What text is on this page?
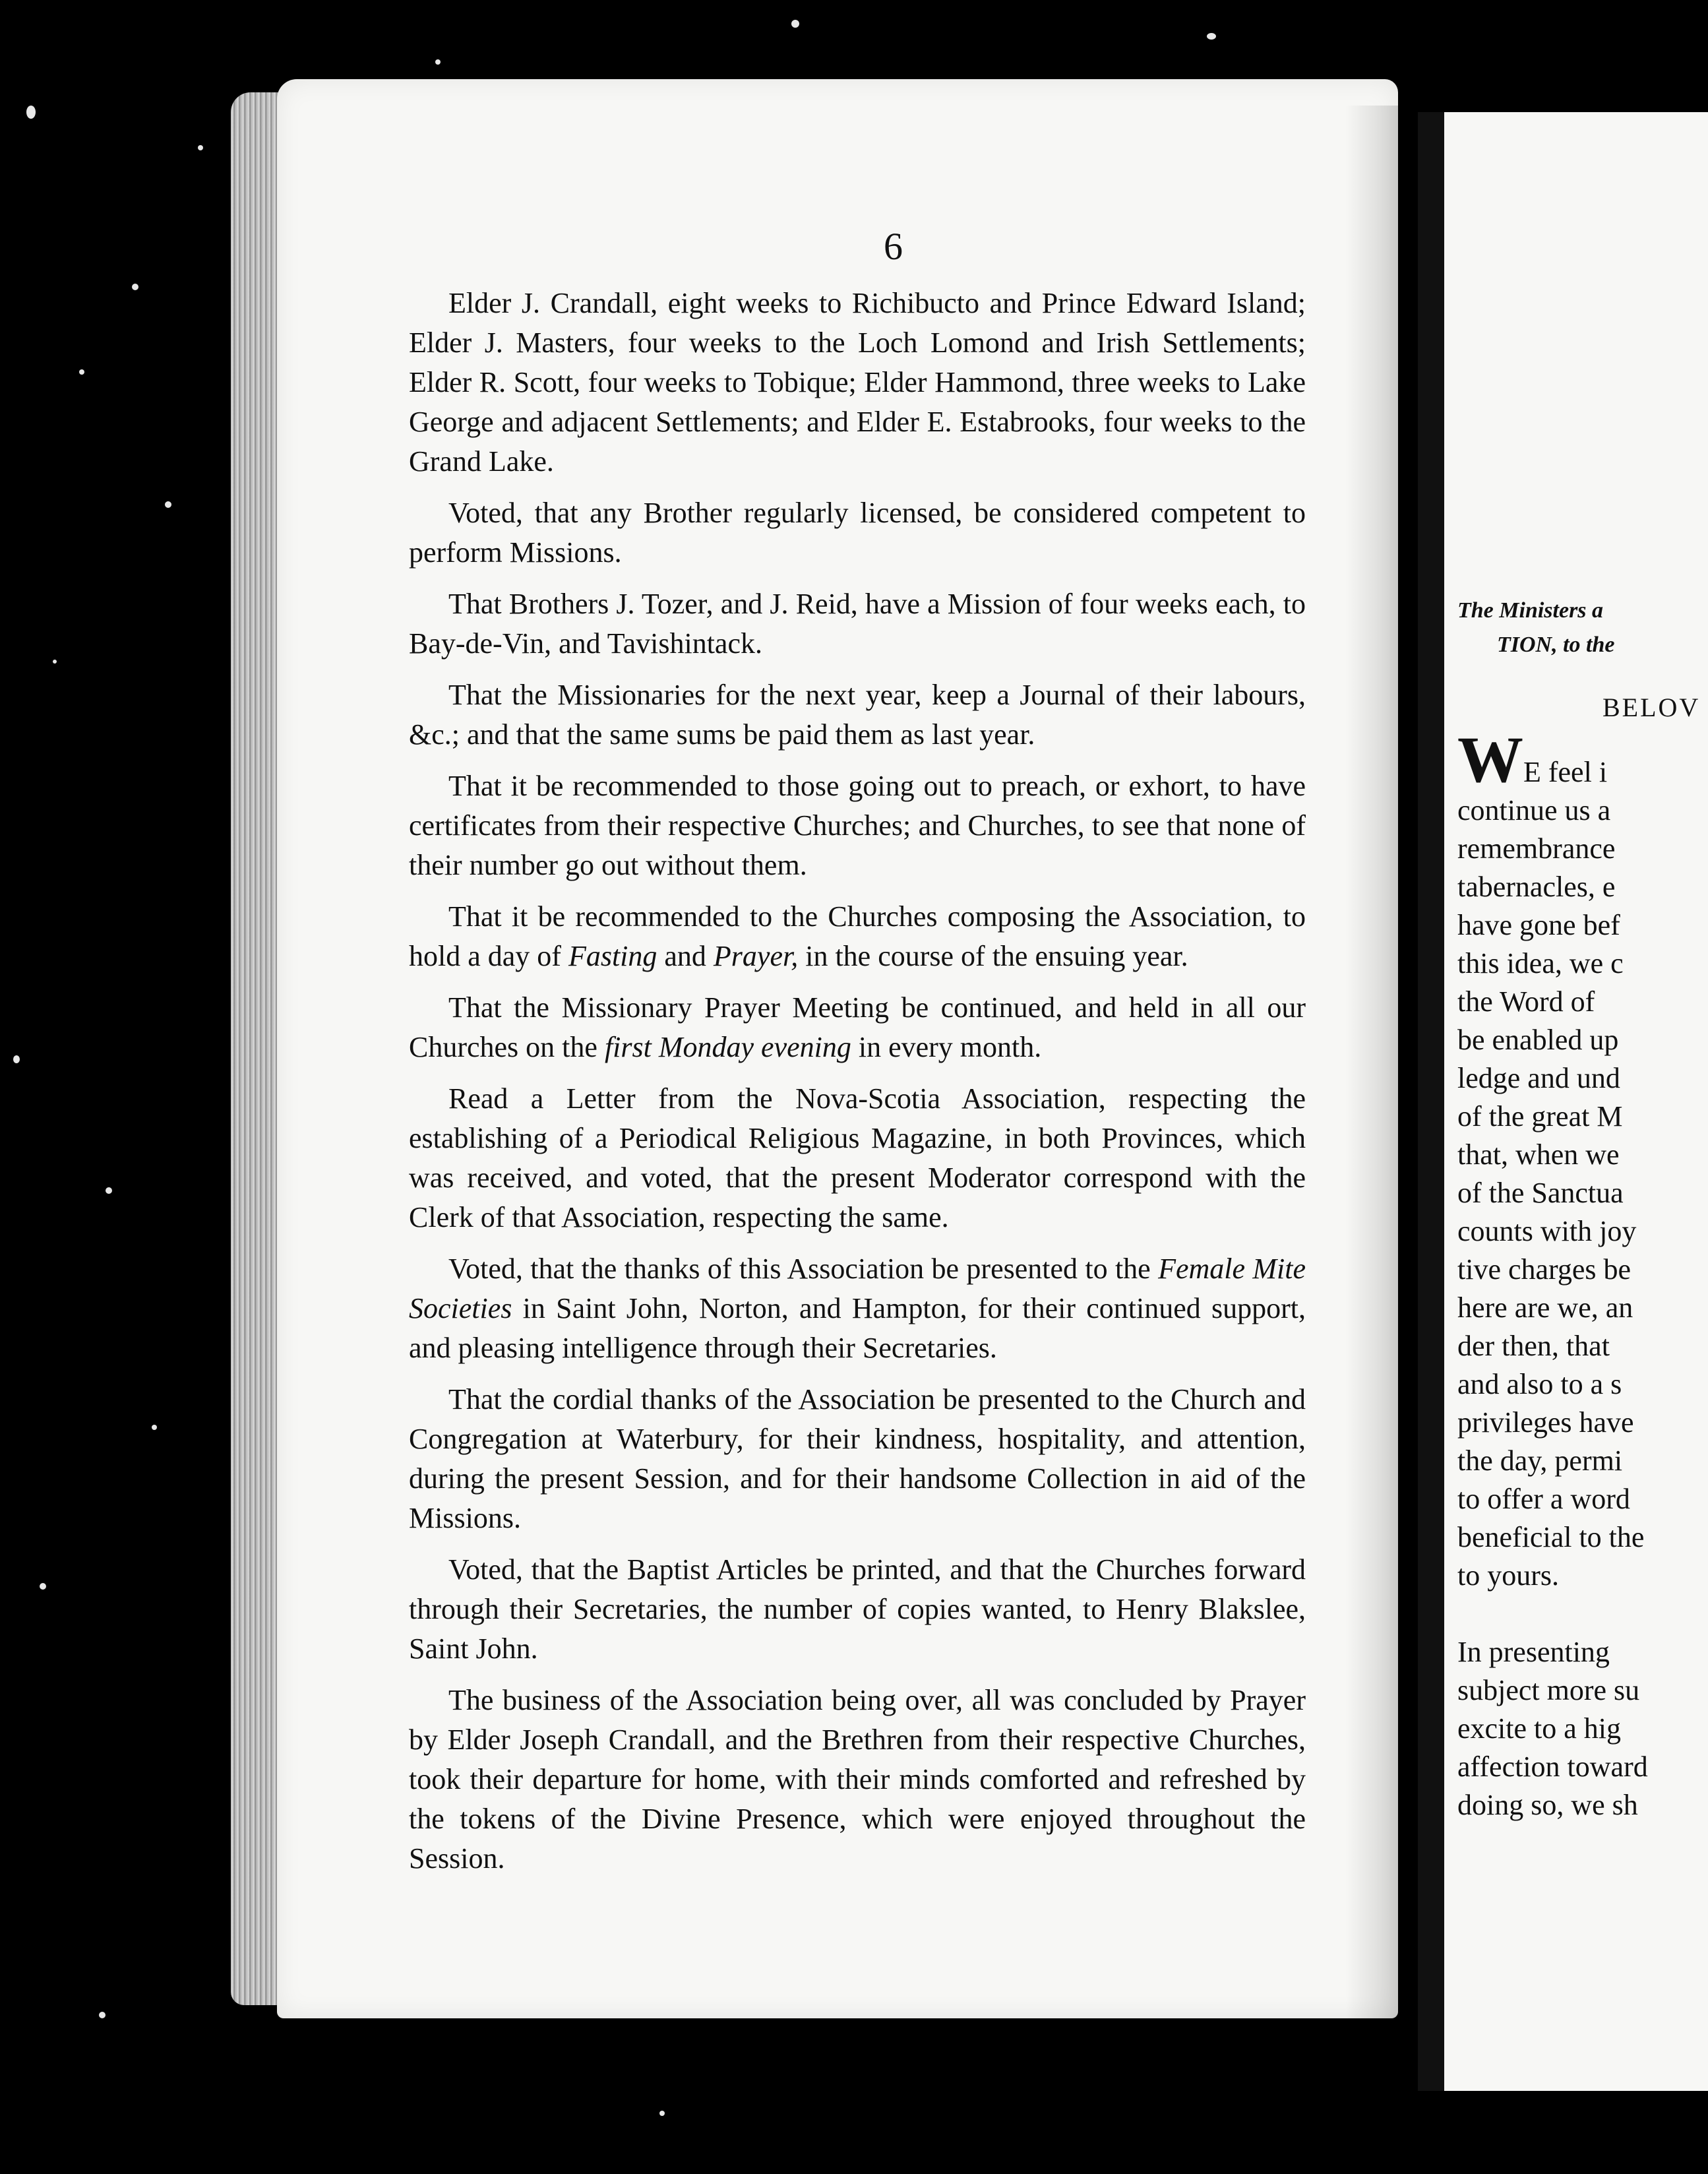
6

Elder J. Crandall, eight weeks to Richibucto and Prince Edward Island; Elder J. Masters, four weeks to the Loch Lomond and Irish Settlements; Elder R. Scott, four weeks to Tobique; Elder Hammond, three weeks to Lake George and adjacent Settlements; and Elder E. Estabrooks, four weeks to the Grand Lake.

Voted, that any Brother regularly licensed, be considered competent to perform Missions.

That Brothers J. Tozer, and J. Reid, have a Mission of four weeks each, to Bay-de-Vin, and Tavishintack.

That the Missionaries for the next year, keep a Journal of their labours, &c.; and that the same sums be paid them as last year.

That it be recommended to those going out to preach, or exhort, to have certificates from their respective Churches; and Churches, to see that none of their number go out without them.

That it be recommended to the Churches composing the Association, to hold a day of Fasting and Prayer, in the course of the ensuing year.

That the Missionary Prayer Meeting be continued, and held in all our Churches on the first Monday evening in every month.

Read a Letter from the Nova-Scotia Association, respecting the establishing of a Periodical Religious Magazine, in both Provinces, which was received, and voted, that the present Moderator correspond with the Clerk of that Association, respecting the same.

Voted, that the thanks of this Association be presented to the Female Mite Societies in Saint John, Norton, and Hampton, for their continued support, and pleasing intelligence through their Secretaries.

That the cordial thanks of the Association be presented to the Church and Congregation at Waterbury, for their kindness, hospitality, and attention, during the present Session, and for their handsome Collection in aid of the Missions.

Voted, that the Baptist Articles be printed, and that the Churches forward through their Secretaries, the number of copies wanted, to Henry Blakslee, Saint John.

The business of the Association being over, all was concluded by Prayer by Elder Joseph Crandall, and the Brethren from their respective Churches, took their departure for home, with their minds comforted and refreshed by the tokens of the Divine Presence, which were enjoyed throughout the Session.

The Ministers a
TION, to the
BELOV
WE feel i
continue us a
remembrance
tabernacles, e
have gone bef
this idea, we c
the Word of
be enabled up
ledge and und
of the great M
that, when we
of the Sanctua
counts with joy
tive charges be
here are we, an
der then, that
and also to a s
privileges have
the day, permi
to offer a word
beneficial to the
to yours.
In presenting
subject more su
excite to a hig
affection toward
doing so, we sh
